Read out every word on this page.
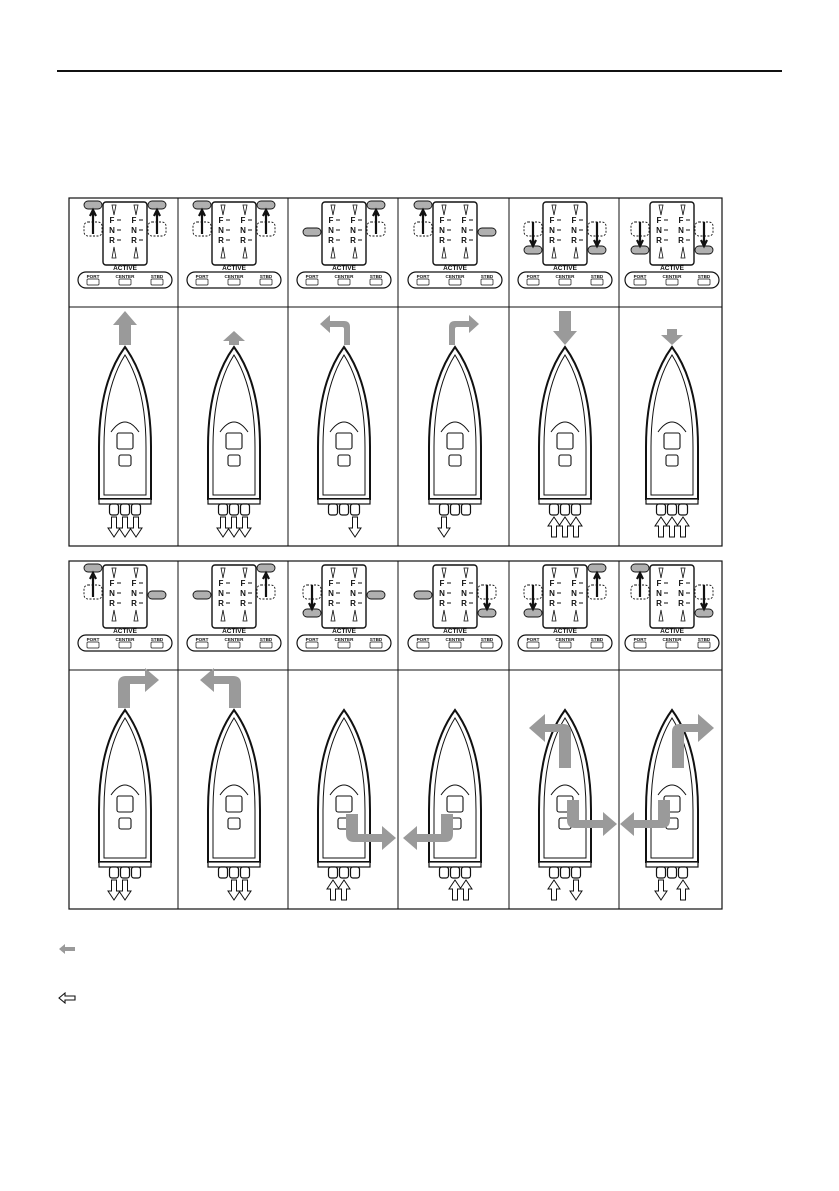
F
N
R
F
N
R
ACTIVE
PORT	CENTER	STBD
F
N
R
F
N
R
ACTIVE
PORT	CENTER	STBD
F
N
R
F
N
R
ACTIVE
PORT	CENTER	STBD
F
N
R
F
N
R
ACTIVE
PORT	CENTER	STBD
F
N
R
F
N
R
ACTIVE
PORT	CENTER	STBD
F
N
R
F
N
R
ACTIVE
PORT	CENTER	STBD
F
N
R
F
N
R
ACTIVE
PORT	CENTER	STBD
F
N
R
F
N
R
ACTIVE
PORT	CENTER	STBD
F
N
R
F
N
R
ACTIVE
PORT	CENTER	STBD
F
N
R
F
N
R
ACTIVE
PORT	CENTER	STBD
F
N
R
F
N
R
ACTIVE
PORT	CENTER	STBD
F
N
R
F
N
R
ACTIVE
PORT	CENTER	STBD
